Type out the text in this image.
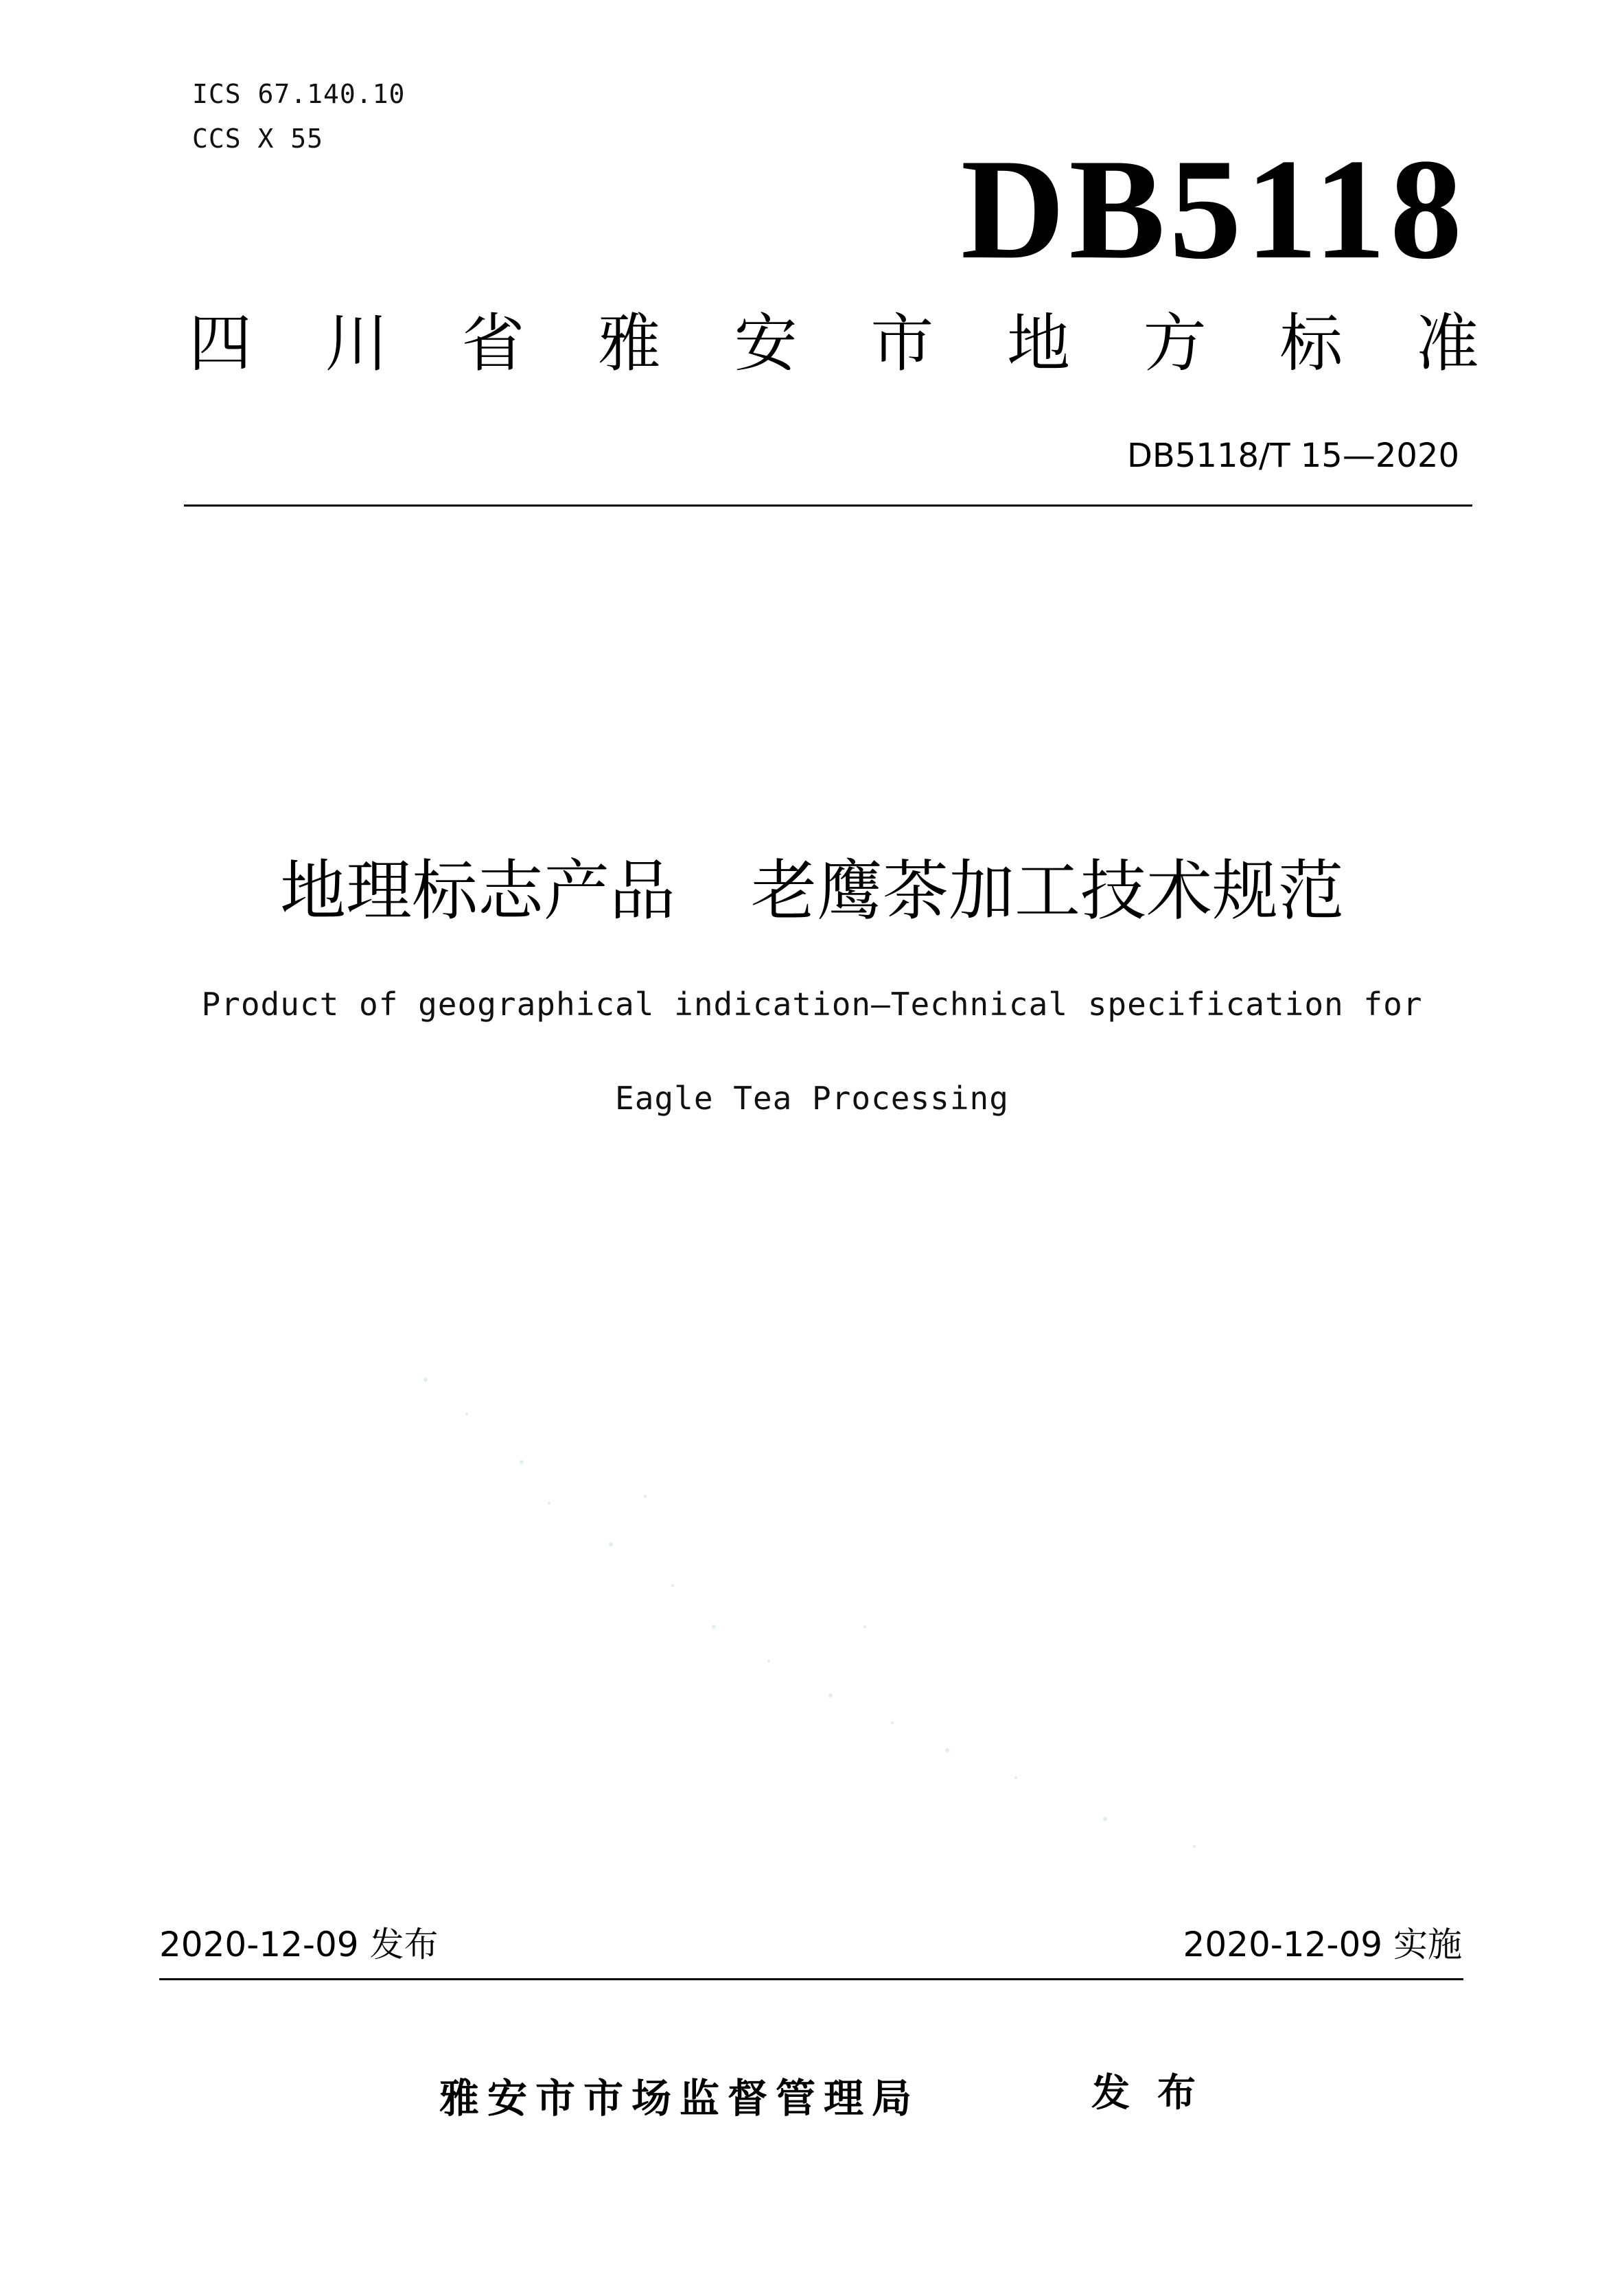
ICS 67.140.10
CCS X 55	DB5118
四 川 省 雅 安 市 地 方 标 准
DB5118/T 15—2020
地理标志产品 老鹰茶加工技术规范
Product of geographical indication—Technical specification for
Eagle Tea Processing
2020-12-09 发布	2020-12-09 实施
雅安市市场监督管理局	发布
